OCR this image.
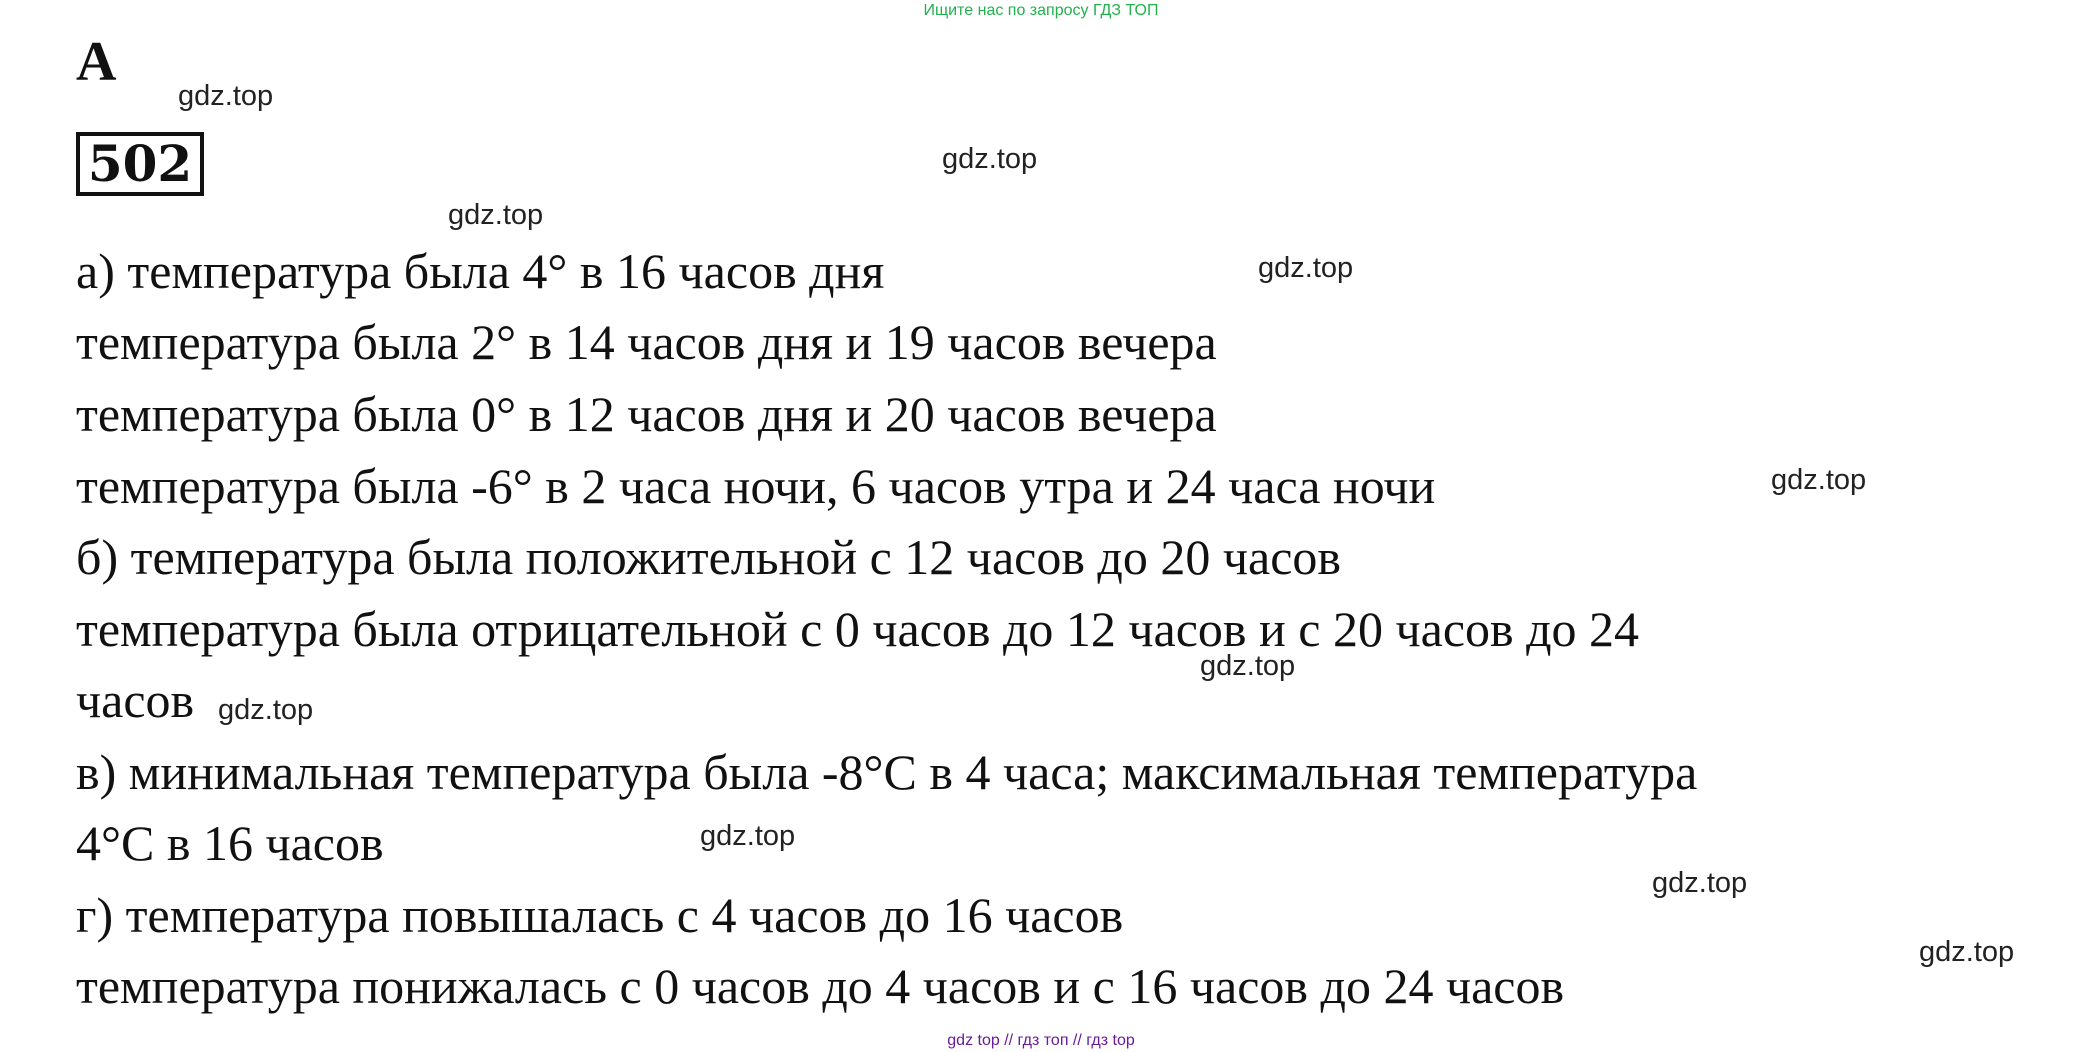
Ищите нас по запросу ГДЗ ТОП
А
502
а) температура была 4° в 16 часов дня
температура была 2° в 14 часов дня и 19 часов вечера
температура была 0° в 12 часов дня и 20 часов вечера
температура была -6° в 2 часа ночи, 6 часов утра и 24 часа ночи
б) температура была положительной с 12 часов до 20 часов
температура была отрицательной с 0 часов до 12 часов и с 20 часов до 24
часов
в) минимальная температура была -8°С в 4 часа; максимальная температура
4°С в 16 часов
г) температура повышалась с 4 часов до 16 часов
температура понижалась с 0 часов до 4 часов и с 16 часов до 24 часов
gdz.top
gdz.top
gdz.top
gdz.top
gdz.top
gdz.top
gdz.top
gdz.top
gdz.top
gdz.top
gdz top // гдз топ // гдз top
